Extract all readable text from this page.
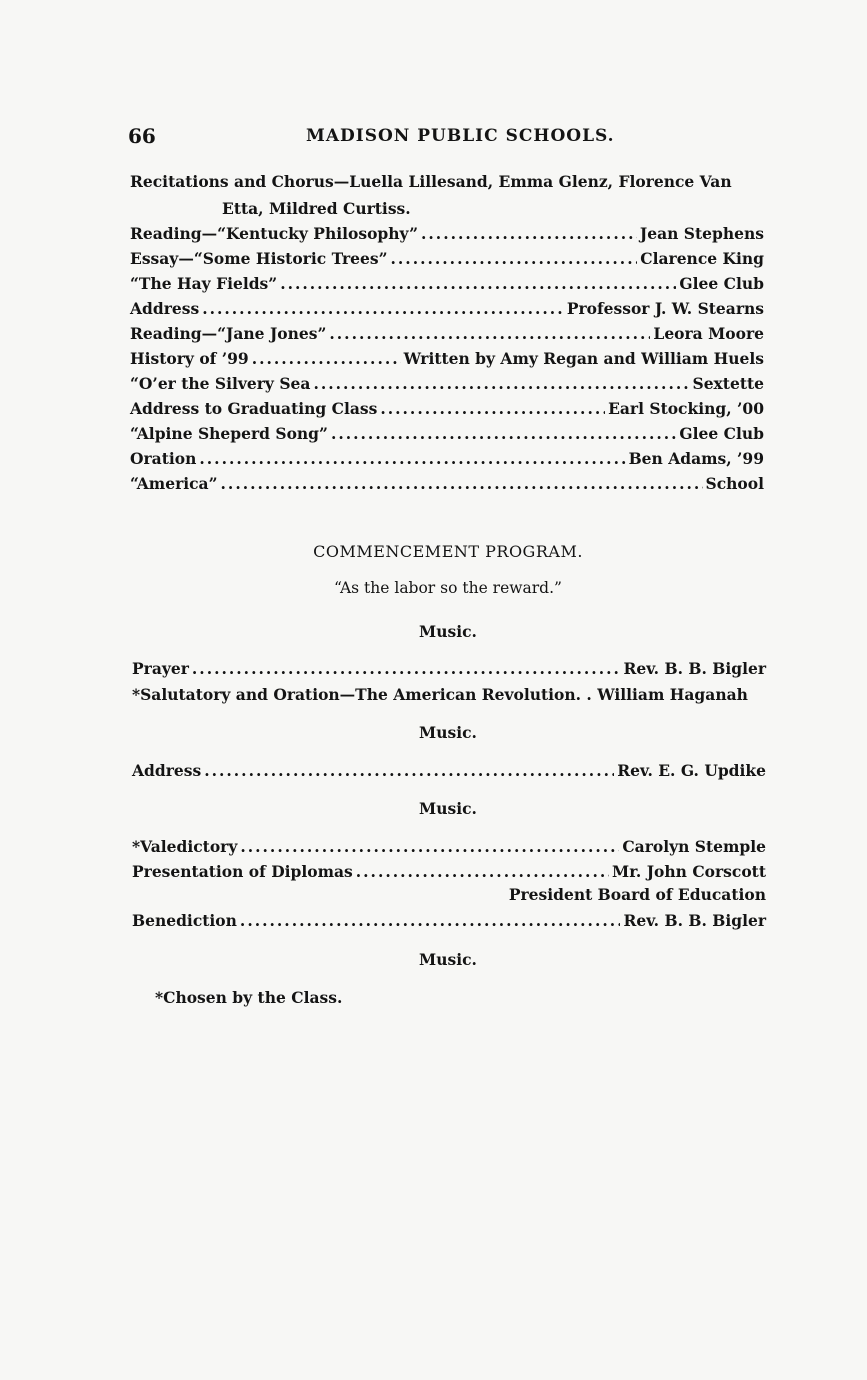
66	MADISON PUBLIC SCHOOLS.
Recitations and Chorus—Luella Lillesand, Emma Glenz, Florence Van
Etta, Mildred Curtiss.
Reading—“Kentucky Philosophy” .....	Jean Stephens
Essay—“Some Historic Trees” .....	Clarence King
“The Hay Fields” .....	Glee Club
Address .....	Professor J. W. Stearns
Reading—“Jane Jones” .....	Leora Moore
History of ’99 .....	Written by Amy Regan and William Huels
“O’er the Silvery Sea .....	Sextette
Address to Graduating Class .....	Earl Stocking, ’00
“Alpine Sheperd Song” .....	Glee Club
Oration .....	Ben Adams, ’99
“America” .....	School
COMMENCEMENT PROGRAM.
“As the labor so the reward.”
Music.
Prayer .....	Rev. B. B. Bigler
*Salutatory and Oration—The American Revolution. . William Haganah
Music.
Address .....	Rev. E. G. Updike
Music.
*Valedictory .....	Carolyn Stemple
Presentation of Diplomas .....	Mr. John Corscott
President Board of Education
Benediction .....	Rev. B. B. Bigler
Music.
*Chosen by the Class.
